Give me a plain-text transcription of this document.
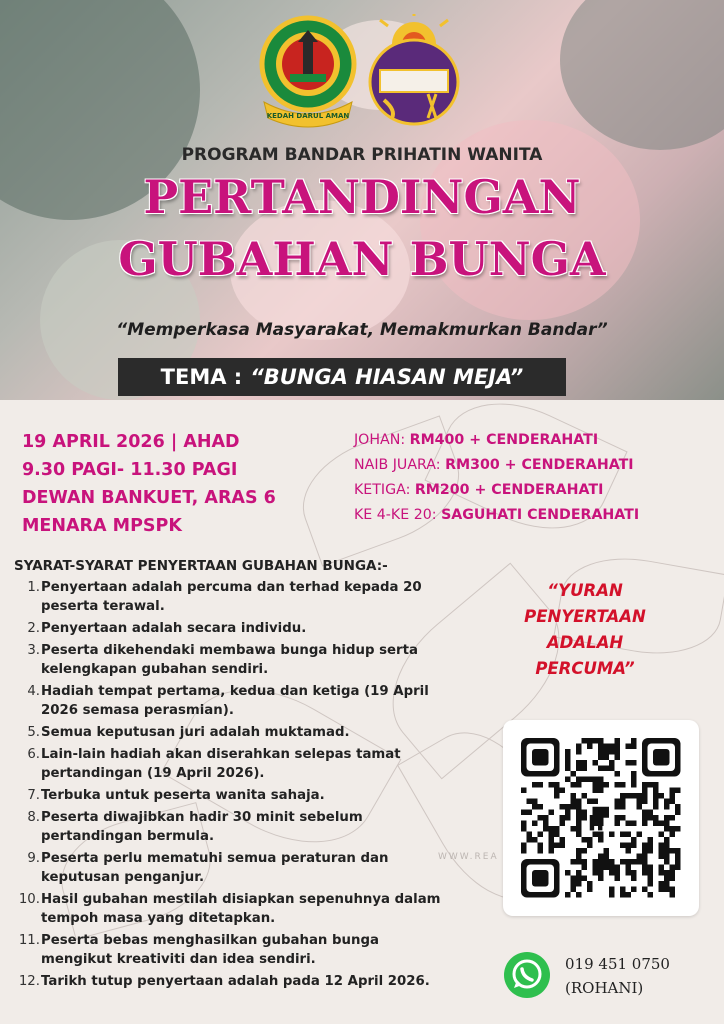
KEDAH DARUL AMAN
PROGRAM BANDAR PRIHATIN WANITA
PERTANDINGAN
GUBAHAN BUNGA
“Memperkasa Masyarakat, Memakmurkan Bandar”
TEMA : “BUNGA HIASAN MEJA”
19 APRIL 2026 | AHAD
9.30 PAGI- 11.30 PAGI
DEWAN BANKUET, ARAS 6
MENARA MPSPK
JOHAN: RM400 + CENDERAHATI
NAIB JUARA: RM300 + CENDERAHATI
KETIGA: RM200 + CENDERAHATI
KE 4-KE 20: SAGUHATI CENDERAHATI
SYARAT-SYARAT PENYERTAAN GUBAHAN BUNGA:-
1. Penyertaan adalah percuma dan terhad kepada 20 peserta terawal.
2. Penyertaan adalah secara individu.
3. Peserta dikehendaki membawa bunga hidup serta kelengkapan gubahan sendiri.
4. Hadiah tempat pertama, kedua dan ketiga (19 April 2026 semasa perasmian).
5. Semua keputusan juri adalah muktamad.
6. Lain-lain hadiah akan diserahkan selepas tamat pertandingan (19 April 2026).
7. Terbuka untuk peserta wanita sahaja.
8. Peserta diwajibkan hadir 30 minit sebelum pertandingan bermula.
9. Peserta perlu mematuhi semua peraturan dan keputusan penganjur.
10. Hasil gubahan mestilah disiapkan sepenuhnya dalam tempoh masa yang ditetapkan.
11. Peserta bebas menghasilkan gubahan bunga mengikut kreativiti dan idea sendiri.
12. Tarikh tutup penyertaan adalah pada 12 April 2026.
“YURAN
PENYERTAAN
ADALAH
PERCUMA”
WWW.REA
019 451 0750
(ROHANI)
